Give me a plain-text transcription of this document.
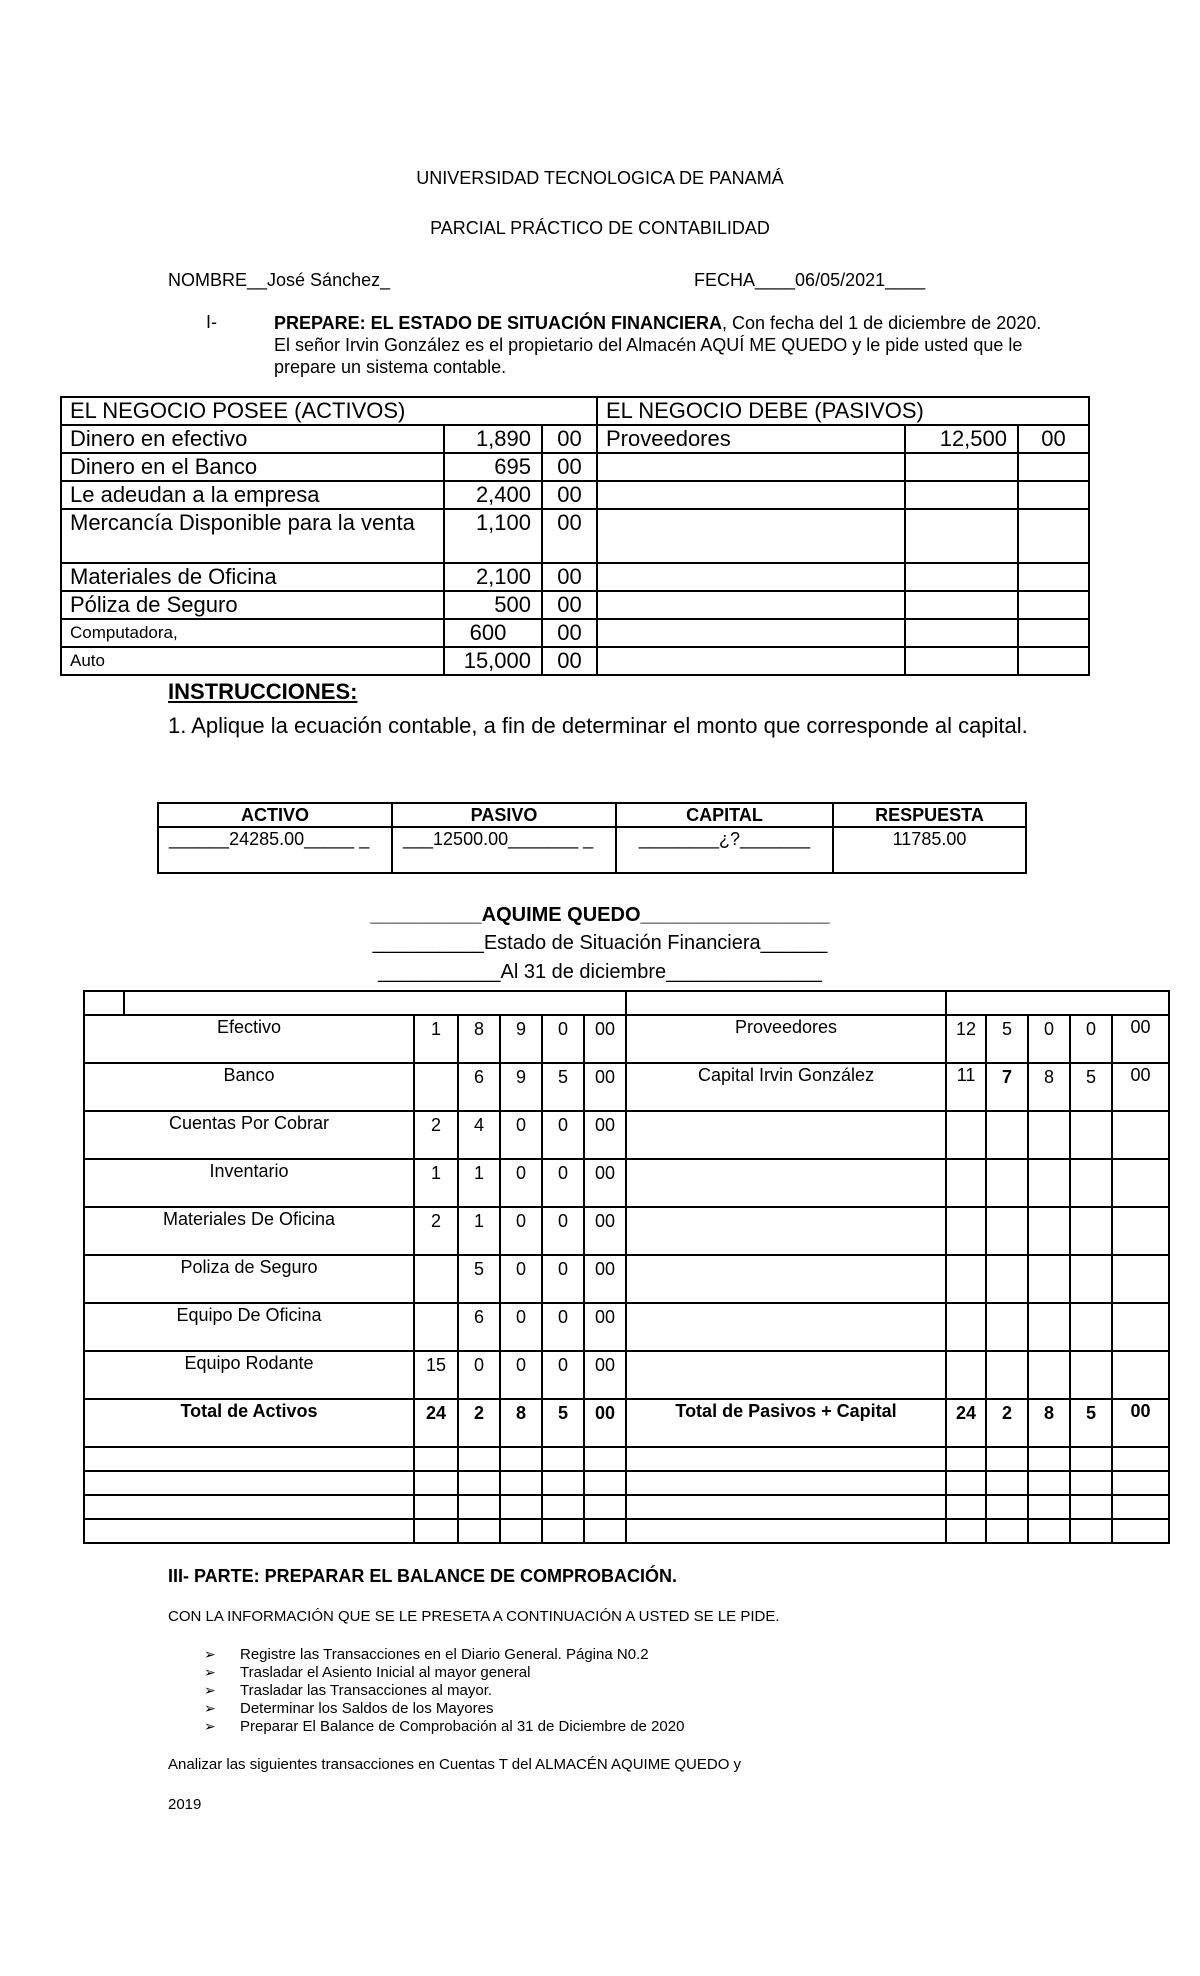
UNIVERSIDAD TECNOLOGICA DE PANAMÁ
PARCIAL PRÁCTICO DE CONTABILIDAD
NOMBRE__José Sánchez_	FECHA____06/05/2021____
I-	PREPARE: EL ESTADO DE SITUACIÓN FINANCIERA, Con fecha del 1 de diciembre de 2020. El señor Irvin González es el propietario del Almacén AQUÍ ME QUEDO y le pide usted que le prepare un sistema contable.
EL NEGOCIO POSEE (ACTIVOS)			EL NEGOCIO DEBE (PASIVOS)		
Dinero en efectivo	1,890	00	Proveedores	12,500	00
Dinero en el Banco	695	00			
Le adeudan a la empresa	2,400	00			
Mercancía Disponible para la venta	1,100	00			
Materiales de Oficina	2,100	00			
Póliza de Seguro	500	00			
Computadora,	600	00			
Auto	15,000	00			
INSTRUCCIONES:
1. Aplique la ecuación contable, a fin de determinar el monto que corresponde al capital.
ACTIVO	PASIVO	CAPITAL	RESPUESTA
______24285.00_____ _	___12500.00_______ _	________¿?_______	11785.00
__________AQUIME QUEDO_________________
__________Estado de Situación Financiera______
___________Al 31 de diciembre______________

Efectivo		1	8	9	0	00	Proveedores	12	5	0	0	00
Banco			6	9	5	00	Capital Irvin González	11	7	8	5	00
Cuentas Por Cobrar		2	4	0	0	00						
Inventario		1	1	0	0	00						
Materiales De Oficina		2	1	0	0	00						
Poliza de Seguro			5	0	0	00						
Equipo De Oficina			6	0	0	00						
Equipo Rodante		15	0	0	0	00						
Total de Activos		24	2	8	5	00	Total de Pasivos + Capital	24	2	8	5	00

III- PARTE: PREPARAR EL BALANCE DE COMPROBACIÓN.
CON LA INFORMACIÓN QUE SE LE PRESETA A CONTINUACIÓN A USTED SE LE PIDE.
➢ Registre las Transacciones en el Diario General. Página N0.2
➢ Trasladar el Asiento Inicial al mayor general
➢ Trasladar las Transacciones al mayor.
➢ Determinar los Saldos de los Mayores
➢ Preparar El Balance de Comprobación al 31 de Diciembre de 2020
Analizar las siguientes transacciones en Cuentas T del ALMACÉN AQUIME QUEDO y
2019
